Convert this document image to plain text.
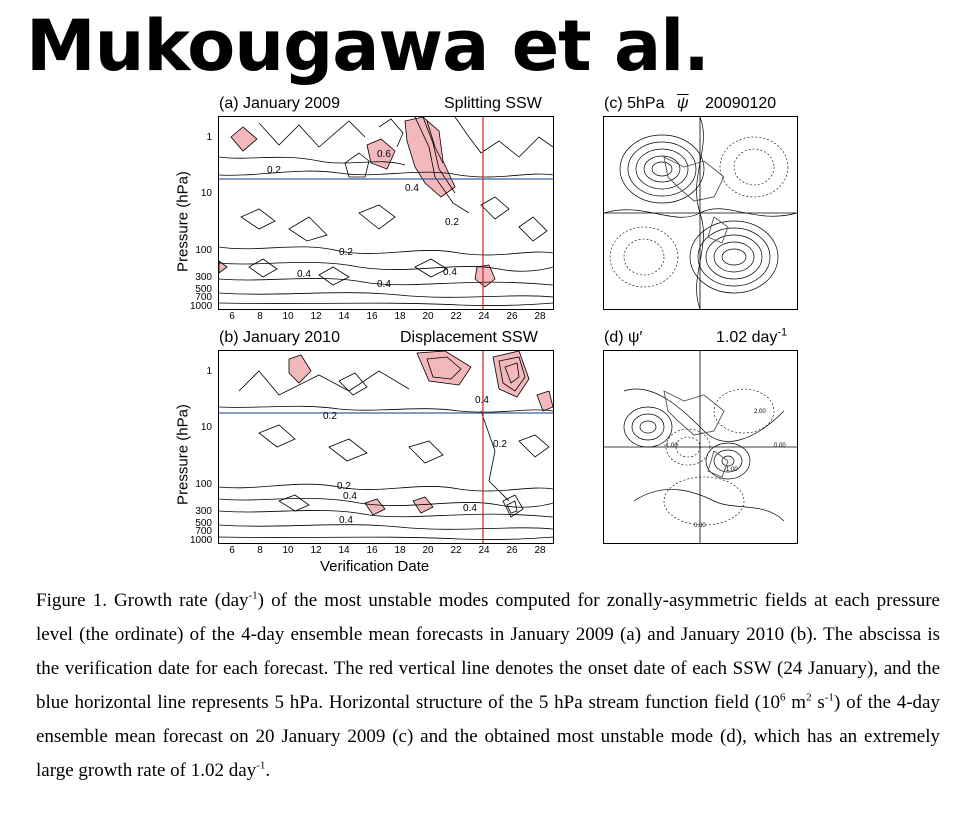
Mukougawa et al.
(a) January 2009	Splitting SSW
(b) January 2010	Displacement SSW
(c) 5hPa $\overline{\psi}$ 20090120
(d) ψ′	1.02 day$^{-1}$
Pressure (hPa)
Pressure (hPa)
1
10
100
300
500
700
1000
1
10
100
300
500
700
1000
0.2
0.4
0.6
0.2
0.2
0.4	0.4
0.4
6	8	10	12	14	16	18	20	22	24	26	28
0.2
0.4
0.2
0.2
0.4
0.4
0.4
6	8	10	12	14	16	18	20	22	24	26	28
Verification Date
2.00
-1.00
-1.00
0.00
0.00

Figure 1. Growth rate (day$^{-1}$) of the most unstable modes computed for zonally-asymmetric fields at each pressure level (the ordinate) of the 4-day ensemble mean forecasts in January 2009 (a) and January 2010 (b). The abscissa is the verification date for each forecast. The red vertical line denotes the onset date of each SSW (24 January), and the blue horizontal line represents 5 hPa. Horizontal structure of the 5 hPa stream function field ($10^6$ $m^2$ $s^{-1}$) of the 4-day ensemble mean forecast on 20 January 2009 (c) and the obtained most unstable mode (d), which has an extremely large growth rate of 1.02 day$^{-1}$.
